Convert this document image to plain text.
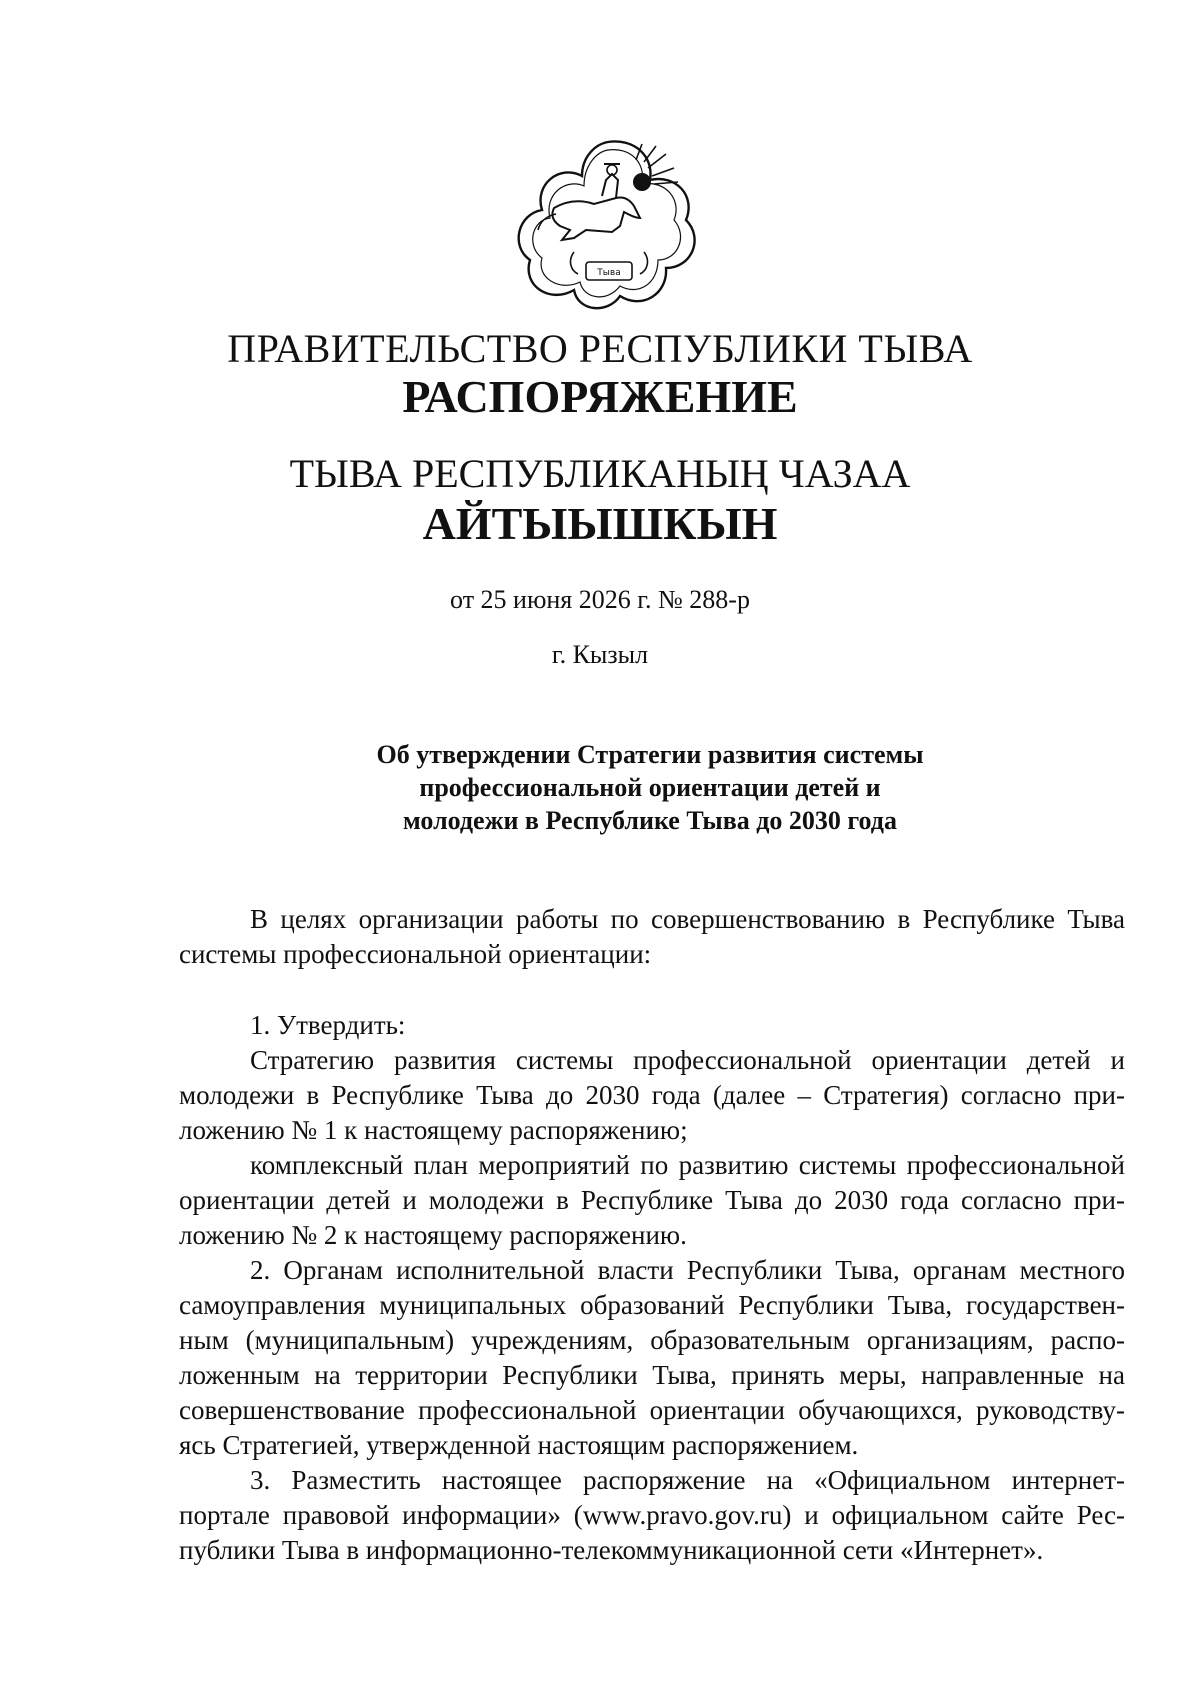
Тыва
ПРАВИТЕЛЬСТВО РЕСПУБЛИКИ ТЫВА
РАСПОРЯЖЕНИЕ
ТЫВА РЕСПУБЛИКАНЫҢ ЧАЗАА
АЙТЫЫШКЫН
от 25 июня 2026 г. № 288-р
г. Кызыл
Об утверждении Стратегии развития системы
профессиональной ориентации детей и
молодежи в Республике Тыва до 2030 года

В целях организации работы по совершенствованию в Республике Тыва

системы профессиональной ориентации:

1. Утвердить:

Стратегию развития системы профессиональной ориентации детей и

молодежи в Республике Тыва до 2030 года (далее – Стратегия) согласно при-

ложению № 1 к настоящему распоряжению;

комплексный план мероприятий по развитию системы профессиональной

ориентации детей и молодежи в Республике Тыва до 2030 года согласно при-

ложению № 2 к настоящему распоряжению.

2. Органам исполнительной власти Республики Тыва, органам местного

самоуправления муниципальных образований Республики Тыва, государствен-

ным (муниципальным) учреждениям, образовательным организациям, распо-

ложенным на территории Республики Тыва, принять меры, направленные на

совершенствование профессиональной ориентации обучающихся, руководству-

ясь Стратегией, утвержденной настоящим распоряжением.

3. Разместить настоящее распоряжение на «Официальном интернет-

портале правовой информации» (www.pravo.gov.ru) и официальном сайте Рес-

публики Тыва в информационно-телекоммуникационной сети «Интернет».
